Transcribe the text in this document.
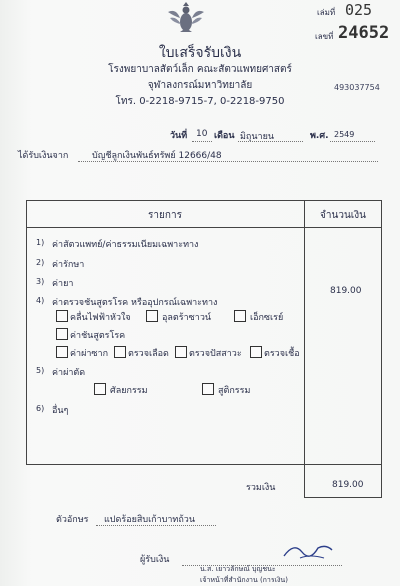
เล่มที่ 025
เลขที่ 24652
ใบเสร็จรับเงิน
โรงพยาบาลสัตว์เล็ก คณะสัตวแพทยศาสตร์
จุฬาลงกรณ์มหาวิทยาลัย
โทร. 0-2218-9715-7, 0-2218-9750
493037754
วันที่ 10 เดือน มิถุนายน	พ.ศ. 2549
ได้รับเงินจาก	บัญชีลูกเงินพันธ์ทรัพย์ 12666/48
รายการ	จำนวนเงิน
1) ค่าสัตวแพทย์/ค่าธรรมเนียมเฉพาะทาง
2) ค่ารักษา
3) ค่ายา
4) ค่าตรวจชันสูตรโรค หรืออุปกรณ์เฉพาะทาง
819.00
คลื่นไฟฟ้าหัวใจ	อุลตร้าซาวน์	เอ็กซเรย์
ค่าชันสูตรโรค
ค่าผ่าซาก ตรวจเลือด ตรวจปัสสาวะ ตรวจเชื้อ
5) ค่าผ่าตัด
ศัลยกรรม	สูติกรรม
6) อื่นๆ
รวมเงิน	819.00
ตัวอักษร แปดร้อยสิบเก้าบาทถ้วน
ผู้รับเงิน
น.ส. เยาวลักษณ์ บุญชนะ
เจ้าหน้าที่สำนักงาน (การเงิน)
